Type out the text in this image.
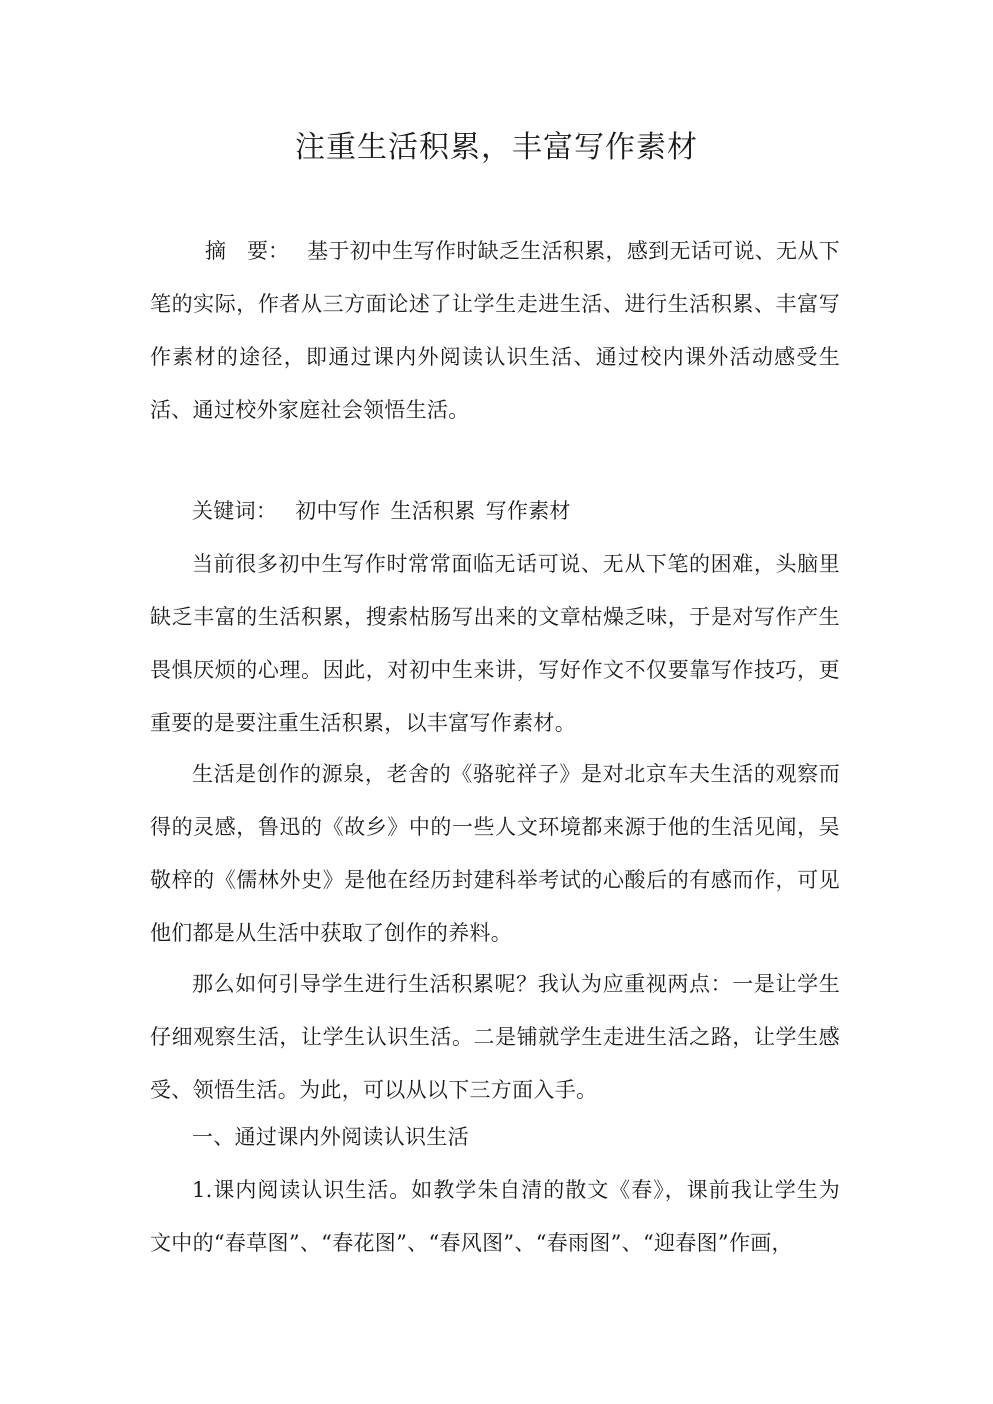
注重生活积累，丰富写作素材
摘　要： 基于初中生写作时缺乏生活积累，感到无话可说、无从下笔的实际，作者从三方面论述了让学生走进生活、进行生活积累、丰富写作素材的途径，即通过课内外阅读认识生活、通过校内课外活动感受生活、通过校外家庭社会领悟生活。
关键词： 初中写作 生活积累 写作素材
当前很多初中生写作时常常面临无话可说、无从下笔的困难，头脑里缺乏丰富的生活积累，搜索枯肠写出来的文章枯燥乏味，于是对写作产生畏惧厌烦的心理。因此，对初中生来讲，写好作文不仅要靠写作技巧，更重要的是要注重生活积累，以丰富写作素材。
生活是创作的源泉，老舍的《骆驼祥子》是对北京车夫生活的观察而得的灵感，鲁迅的《故乡》中的一些人文环境都来源于他的生活见闻，吴敬梓的《儒林外史》是他在经历封建科举考试的心酸后的有感而作，可见他们都是从生活中获取了创作的养料。
那么如何引导学生进行生活积累呢？我认为应重视两点：一是让学生仔细观察生活，让学生认识生活。二是铺就学生走进生活之路，让学生感受、领悟生活。为此，可以从以下三方面入手。
一、通过课内外阅读认识生活
1.课内阅读认识生活。如教学朱自清的散文《春》，课前我让学生为文中的“春草图”、“春花图”、“春风图”、“春雨图”、“迎春图”作画，
